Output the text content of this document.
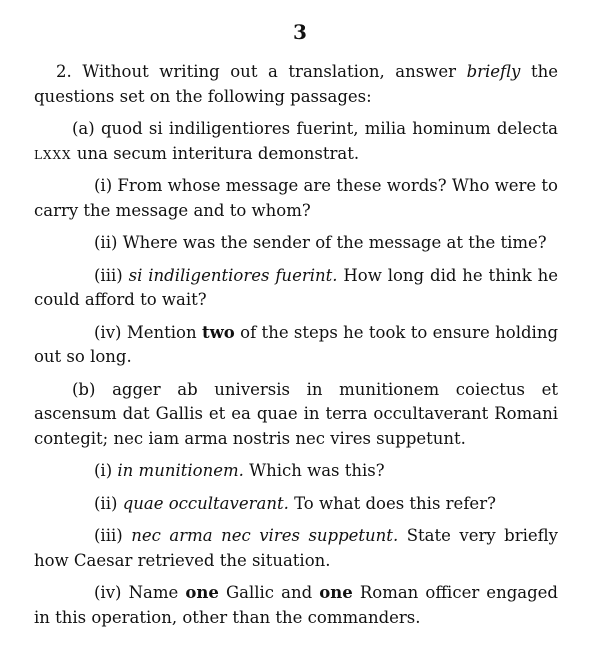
3

2. Without writing out a translation, answer briefly the questions set on the following passages:

(a) quod si indiligentiores fuerint, milia hominum delecta lxxx una secum interitura demonstrat.

(i) From whose message are these words? Who were to carry the message and to whom?

(ii) Where was the sender of the message at the time?

(iii) si indiligentiores fuerint. How long did he think he could afford to wait?

(iv) Mention two of the steps he took to ensure holding out so long.

(b) agger ab universis in munitionem coiectus et ascensum dat Gallis et ea quae in terra occultaverant Romani contegit; nec iam arma nostris nec vires suppetunt.

(i) in munitionem. Which was this?

(ii) quae occultaverant. To what does this refer?

(iii) nec arma nec vires suppetunt. State very briefly how Caesar retrieved the situation.

(iv) Name one Gallic and one Roman officer engaged in this operation, other than the commanders.
